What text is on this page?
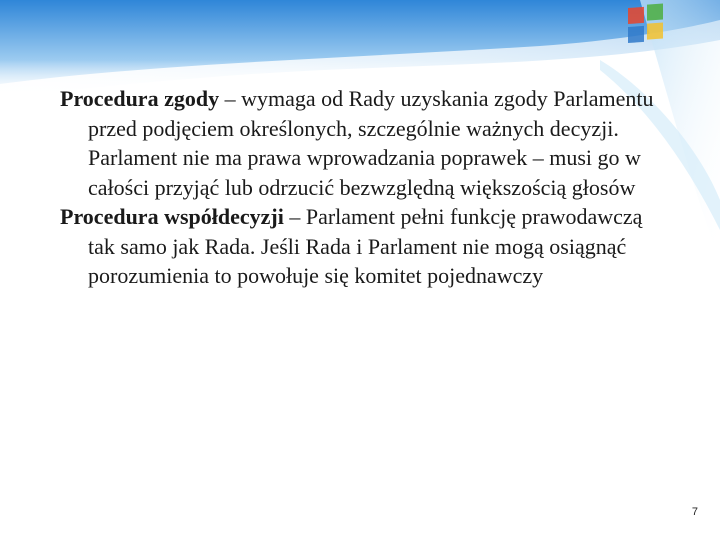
Procedura zgody – wymaga od Rady uzyskania zgody Parlamentu przed podjęciem określonych, szczególnie ważnych decyzji. Parlament nie ma prawa wprowadzania poprawek – musi go w całości przyjąć lub odrzucić bezwzględną większością głosów

Procedura współdecyzji – Parlament pełni funkcję prawodawczą tak samo jak Rada. Jeśli Rada i Parlament nie mogą osiągnąć porozumienia to powołuje się komitet pojednawczy

7
